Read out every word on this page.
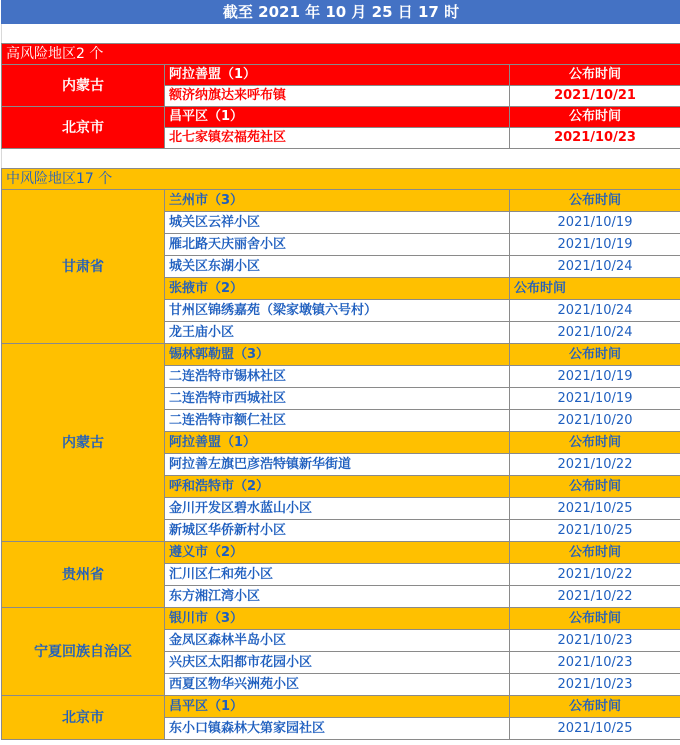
截至 2021 年 10 月 25 日 17 时		

高风险地区2 个		
内蒙古	阿拉善盟（1）	公布时间
	额济纳旗达来呼布镇	2021/10/21
北京市	昌平区（1）	公布时间
	北七家镇宏福苑社区	2021/10/23

中风险地区17 个		
甘肃省	兰州市（3）	公布时间
	城关区云祥小区	2021/10/19
	雁北路天庆丽舍小区	2021/10/19
	城关区东湖小区	2021/10/24
	张掖市（2）	公布时间
	甘州区锦绣嘉苑（梁家墩镇六号村）	2021/10/24
	龙王庙小区	2021/10/24
内蒙古	锡林郭勒盟（3）	公布时间
	二连浩特市锡林社区	2021/10/19
	二连浩特市西城社区	2021/10/19
	二连浩特市额仁社区	2021/10/20
	阿拉善盟（1）	公布时间
	阿拉善左旗巴彦浩特镇新华街道	2021/10/22
	呼和浩特市（2）	公布时间
	金川开发区碧水蓝山小区	2021/10/25
	新城区华侨新村小区	2021/10/25
贵州省	遵义市（2）	公布时间
	汇川区仁和苑小区	2021/10/22
	东方湘江湾小区	2021/10/22
宁夏回族自治区	银川市（3）	公布时间
	金凤区森林半岛小区	2021/10/23
	兴庆区太阳都市花园小区	2021/10/23
	西夏区物华兴洲苑小区	2021/10/23
北京市	昌平区（1）	公布时间
	东小口镇森林大第家园社区	2021/10/25
